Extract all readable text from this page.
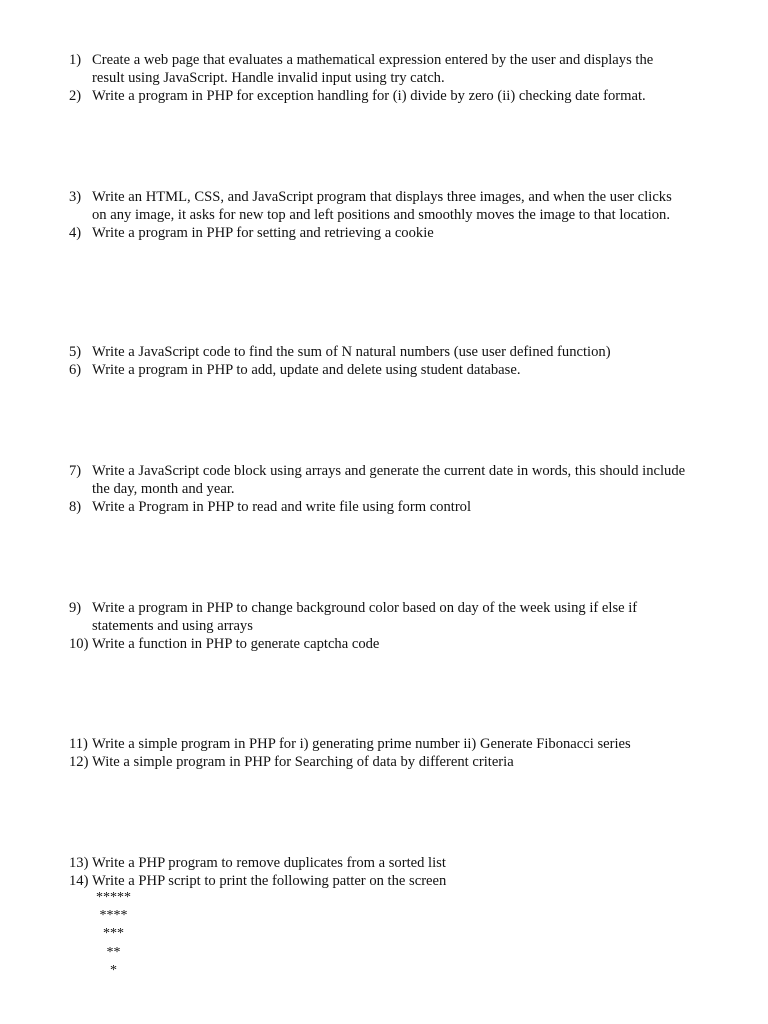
1) Create a web page that evaluates a mathematical expression entered by the user and displays the result using JavaScript. Handle invalid input using try catch.
2) Write a program in PHP for exception handling for (i) divide by zero (ii) checking date format.
3) Write an HTML, CSS, and JavaScript program that displays three images, and when the user clicks on any image, it asks for new top and left positions and smoothly moves the image to that location.
4) Write a program in PHP for setting and retrieving a cookie
5) Write a JavaScript code to find the sum of N natural numbers (use user defined function)
6) Write a program in PHP to add, update and delete using student database.
7) Write a JavaScript code block using arrays and generate the current date in words, this should include the day, month and year.
8) Write a Program in PHP to read and write file using form control
9) Write a program in PHP to change background color based on day of the week using if else if statements and using arrays
10) Write a function in PHP to generate captcha code
11) Write a simple program in PHP for i) generating prime number ii) Generate Fibonacci series
12) Wite a simple program in PHP for Searching of data by different criteria
13) Write a PHP program to remove duplicates from a sorted list
14) Write a PHP script to print the following patter on the screen
*****
****
***
**
*
